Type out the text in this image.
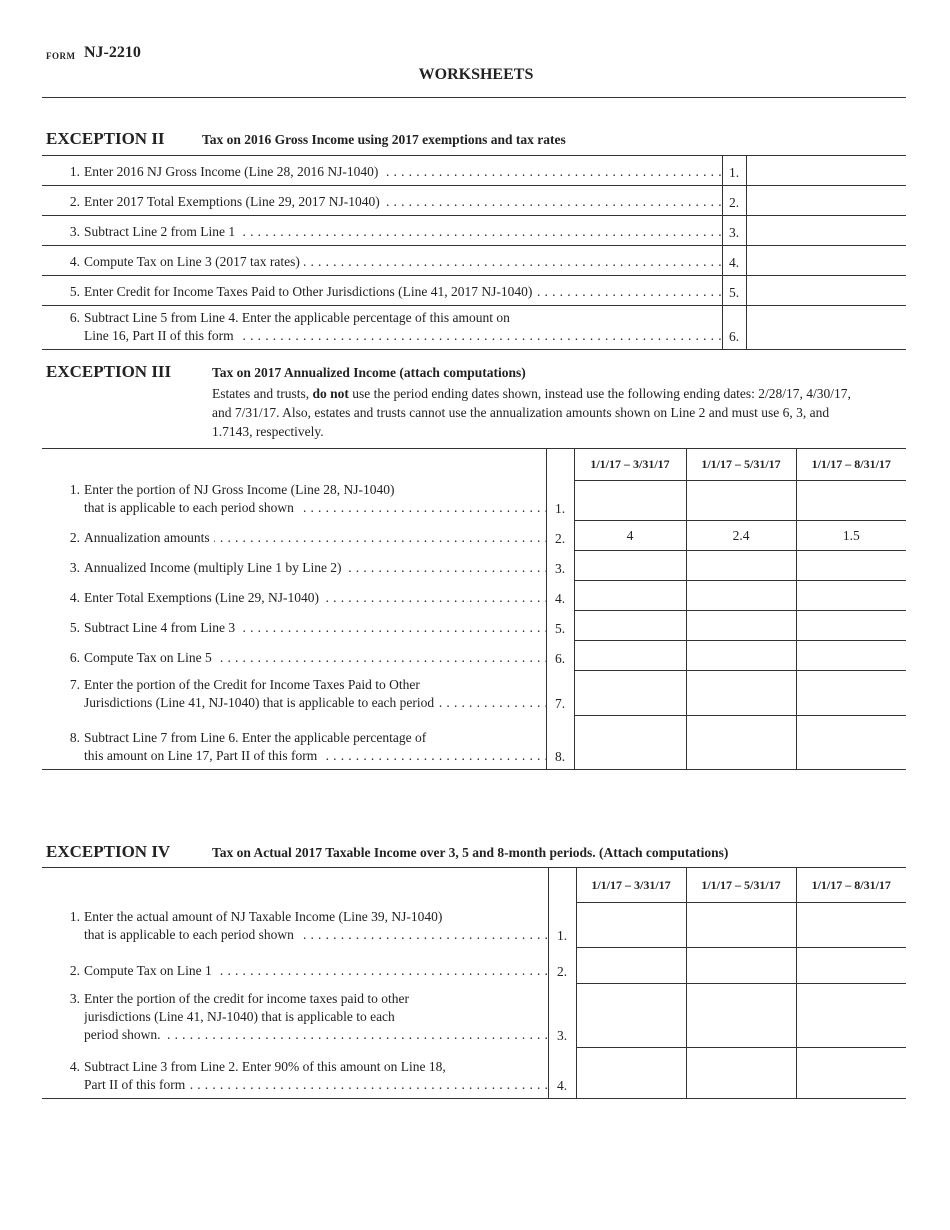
FORM NJ-2210
WORKSHEETS
EXCEPTION II	Tax on 2016 Gross Income using 2017 exemptions and tax rates
1. Enter 2016 NJ Gross Income (Line 28, 2016 NJ-1040) . . .	1.	

2. Enter 2017 Total Exemptions (Line 29, 2017 NJ-1040) . . .	2.	

3. Subtract Line 2 from Line 1 . . .	3.	

4. Compute Tax on Line 3 (2017 tax rates) . . .	4.	

5. Enter Credit for Income Taxes Paid to Other Jurisdictions (Line 41, 2017 NJ-1040) . . .	5.	

6. Subtract Line 5 from Line 4. Enter the applicable percentage of this amount on
Line 16, Part II of this form . . .	6.	
EXCEPTION III	Tax on 2017 Annualized Income (attach computations)
Estates and trusts, do not use the period ending dates shown, instead use the following ending dates: 2/28/17, 4/30/17, and 7/31/17. Also, estates and trusts cannot use the annualization amounts shown on Line 2 and must use 6, 3, and 1.7143, respectively.
		1/1/17 – 3/31/17	1/1/17 – 5/31/17	1/1/17 – 8/31/17

1. Enter the portion of NJ Gross Income (Line 28, NJ-1040)
that is applicable to each period shown . . .	1.			

2. Annualization amounts . . .	2.	4	2.4	1.5

3. Annualized Income (multiply Line 1 by Line 2) . . .	3.			

4. Enter Total Exemptions (Line 29, NJ-1040) . . .	4.			

5. Subtract Line 4 from Line 3 . . .	5.			

6. Compute Tax on Line 5 . . .	6.			

7. Enter the portion of the Credit for Income Taxes Paid to Other
Jurisdictions (Line 41, NJ-1040) that is applicable to each period . . .	7.			

8. Subtract Line 7 from Line 6. Enter the applicable percentage of
this amount on Line 17, Part II of this form . . .	8.			
EXCEPTION IV	Tax on Actual 2017 Taxable Income over 3, 5 and 8-month periods. (Attach computations)
		1/1/17 – 3/31/17	1/1/17 – 5/31/17	1/1/17 – 8/31/17

1. Enter the actual amount of NJ Taxable Income (Line 39, NJ-1040)
that is applicable to each period shown . . .	1.			

2. Compute Tax on Line 1 . . .	2.			

3. Enter the portion of the credit for income taxes paid to other
jurisdictions (Line 41, NJ-1040) that is applicable to each
period shown. . . .	3.			

4. Subtract Line 3 from Line 2. Enter 90% of this amount on Line 18,
Part II of this form . . .	4.			
